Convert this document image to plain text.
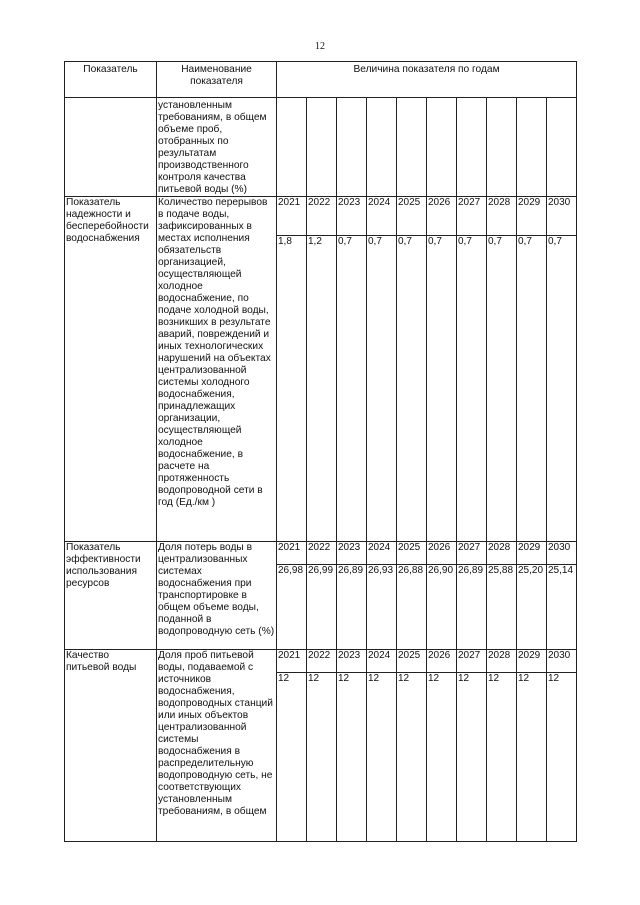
12
Показатель	Наименование показателя	Величина показателя по годам									
	установленным требованиям, в общем объеме проб, отобранных по результатам производственного контроля качества питьевой воды (%)										
Показатель надежности и бесперебойности водоснабжения	Количество перерывов в подаче воды, зафиксированных в местах исполнения обязательств организацией, осуществляющей холодное водоснабжение, по подаче холодной воды, возникших в результате аварий, повреждений и иных технологических нарушений на объектах централизованной системы холодного водоснабжения, принадлежащих организации, осуществляющей холодное водоснабжение, в расчете на протяженность водопроводной сети в год (Ед./км )	2021	2022	2023	2024	2025	2026	2027	2028	2029	2030
		1,8	1,2	0,7	0,7	0,7	0,7	0,7	0,7	0,7	0,7
Показатель эффективности использования ресурсов	Доля потерь воды в централизованных системах водоснабжения при транспортировке в общем объеме воды, поданной в водопроводную сеть (%)	2021	2022	2023	2024	2025	2026	2027	2028	2029	2030
		26,98	26,99	26,89	26,93	26,88	26,90	26,89	25,88	25,20	25,14
Качество питьевой воды	Доля проб питьевой воды, подаваемой с источников водоснабжения, водопроводных станций или иных объектов централизованной системы водоснабжения в распределительную водопроводную сеть, не соответствующих установленным требованиям, в общем	2021	2022	2023	2024	2025	2026	2027	2028	2029	2030
		12	12	12	12	12	12	12	12	12	12
